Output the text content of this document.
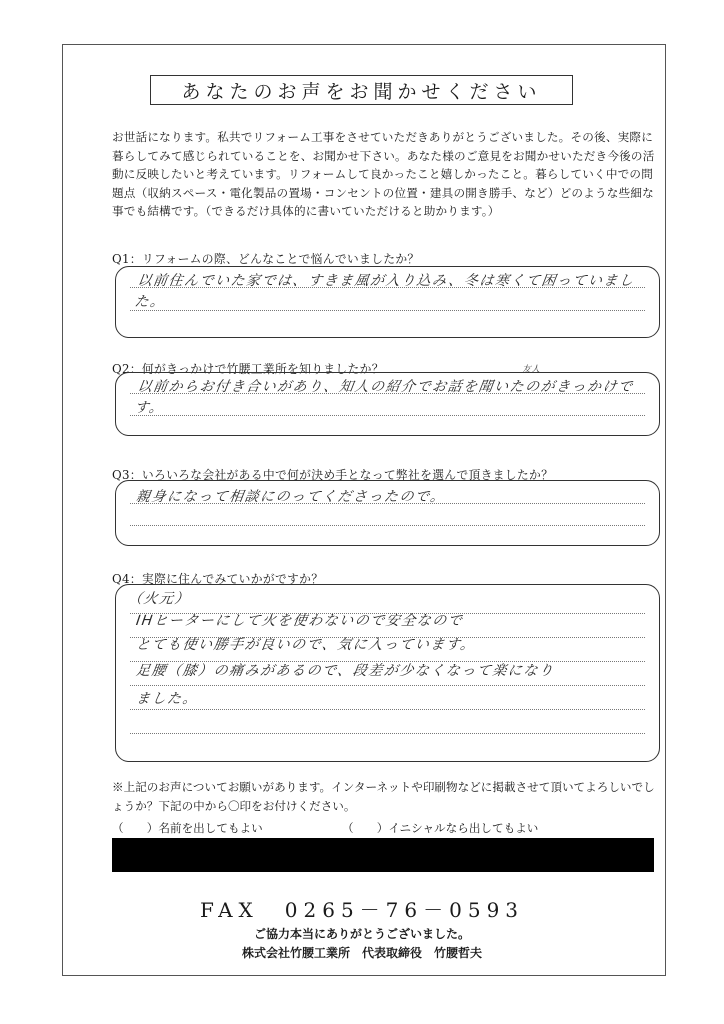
あなたのお声をお聞かせください
お世話になります。私共でリフォーム工事をさせていただきありがとうございました。その後、実際に暮らしてみて感じられていることを、お聞かせ下さい。あなた様のご意見をお聞かせいただき今後の活動に反映したいと考えています。リフォームして良かったこと嬉しかったこと。暮らしていく中での問題点（収納スペース・電化製品の置場・コンセントの位置・建具の開き勝手、など）どのような些細な事でも結構です。（できるだけ具体的に書いていただけると助かります。）
Q1：リフォームの際、どんなことで悩んでいましたか？
以前住んでいた家では、すきま風が入り込み、冬は寒くて困っていました。
Q2：何がきっかけで竹腰工業所を知りましたか？	友人
以前からお付き合いがあり、知人の紹介でお話を聞いたのがきっかけです。
Q3：いろいろな会社がある中で何が決め手となって弊社を選んで頂きましたか？
親身になって相談にのってくださったので。
Q4：実際に住んでみていかがですか？
（火元）
IHヒーターにして火を使わないので安全なので
とても使い勝手が良いので、気に入っています。
足腰（膝）の痛みがあるので、段差が少なくなって楽になり
ました。
※上記のお声についてお願いがあります。インターネットや印刷物などに掲載させて頂いてよろしいでしょうか？下記の中から〇印をお付けください。
（　　）名前を出してもよい	（　　）イニシャルなら出してもよい
FAX　0265－76－0593
ご協力本当にありがとうございました。
株式会社竹腰工業所　代表取締役　竹腰哲夫
